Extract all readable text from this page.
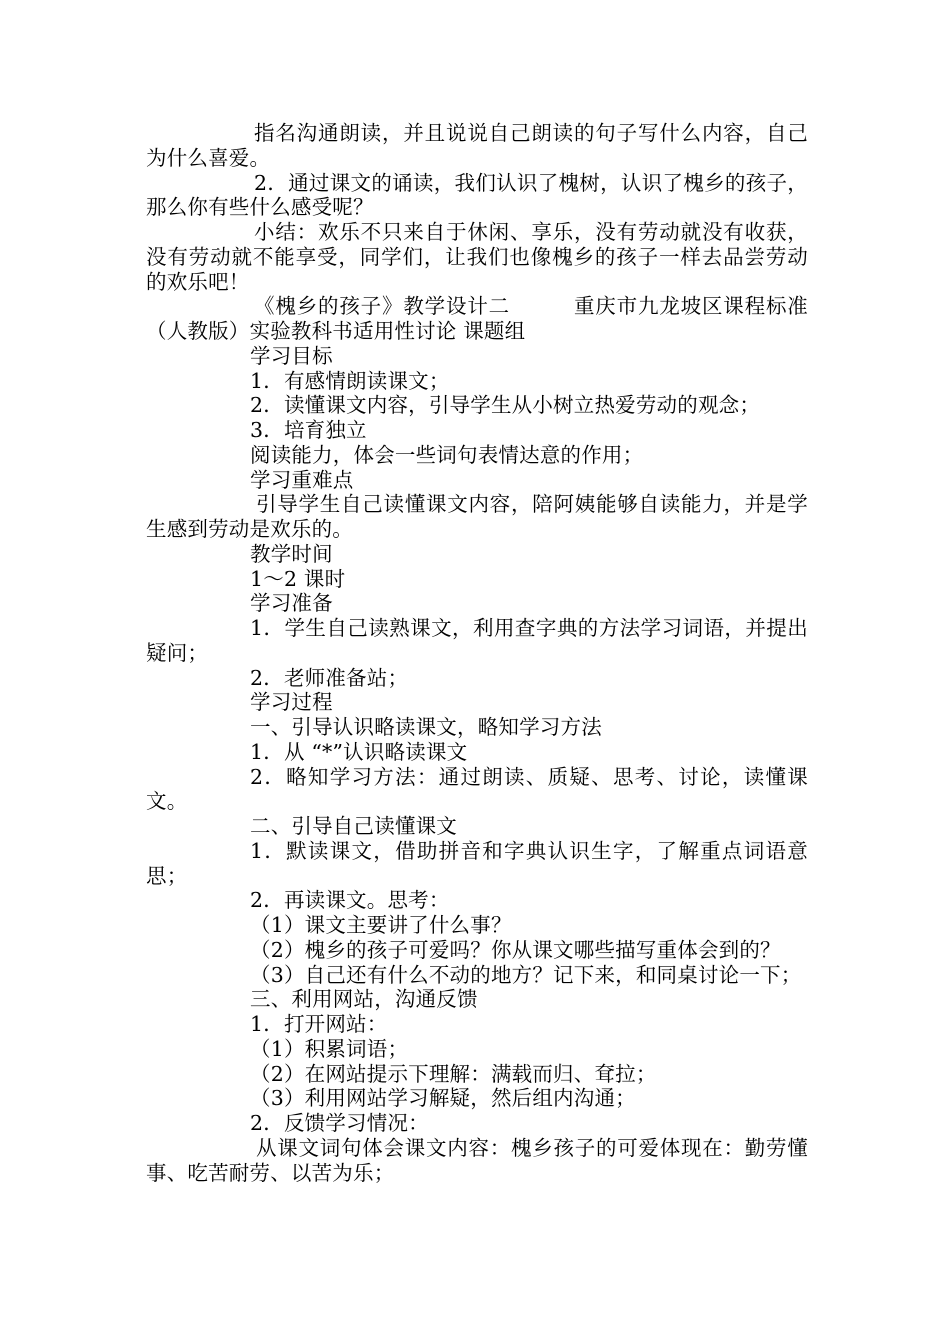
指名沟通朗读，并且说说自己朗读的句子写什么内容，自己为什么喜爱。

2．通过课文的诵读，我们认识了槐树，认识了槐乡的孩子，那么你有些什么感受呢？

小结：欢乐不只来自于休闲、享乐，没有劳动就没有收获，没有劳动就不能享受，同学们，让我们也像槐乡的孩子一样去品尝劳动的欢乐吧！

《槐乡的孩子》教学设计二　　　重庆市九龙坡区课程标准（人教版）实验教科书适用性讨论 课题组

学习目标

1．有感情朗读课文；

2．读懂课文内容，引导学生从小树立热爱劳动的观念；

3．培育独立

阅读能力，体会一些词句表情达意的作用；

学习重难点

引导学生自己读懂课文内容，陪阿姨能够自读能力，并是学生感到劳动是欢乐的。

教学时间

1～2 课时

学习准备

1．学生自己读熟课文，利用查字典的方法学习词语，并提出疑问；

2．老师准备站；

学习过程

一、引导认识略读课文，略知学习方法

1．从 “*”认识略读课文

2．略知学习方法：通过朗读、质疑、思考、讨论，读懂课文。

二、引导自己读懂课文

1．默读课文，借助拼音和字典认识生字，了解重点词语意思；

2．再读课文。思考：

（1）课文主要讲了什么事？

（2）槐乡的孩子可爱吗？你从课文哪些描写重体会到的？

（3）自己还有什么不动的地方？记下来，和同桌讨论一下；

三、利用网站，沟通反馈

1．打开网站：

（1）积累词语；

（2）在网站提示下理解：满载而归、耷拉；

（3）利用网站学习解疑，然后组内沟通；

2．反馈学习情况：

从课文词句体会课文内容：槐乡孩子的可爱体现在：勤劳懂事、吃苦耐劳、以苦为乐；
